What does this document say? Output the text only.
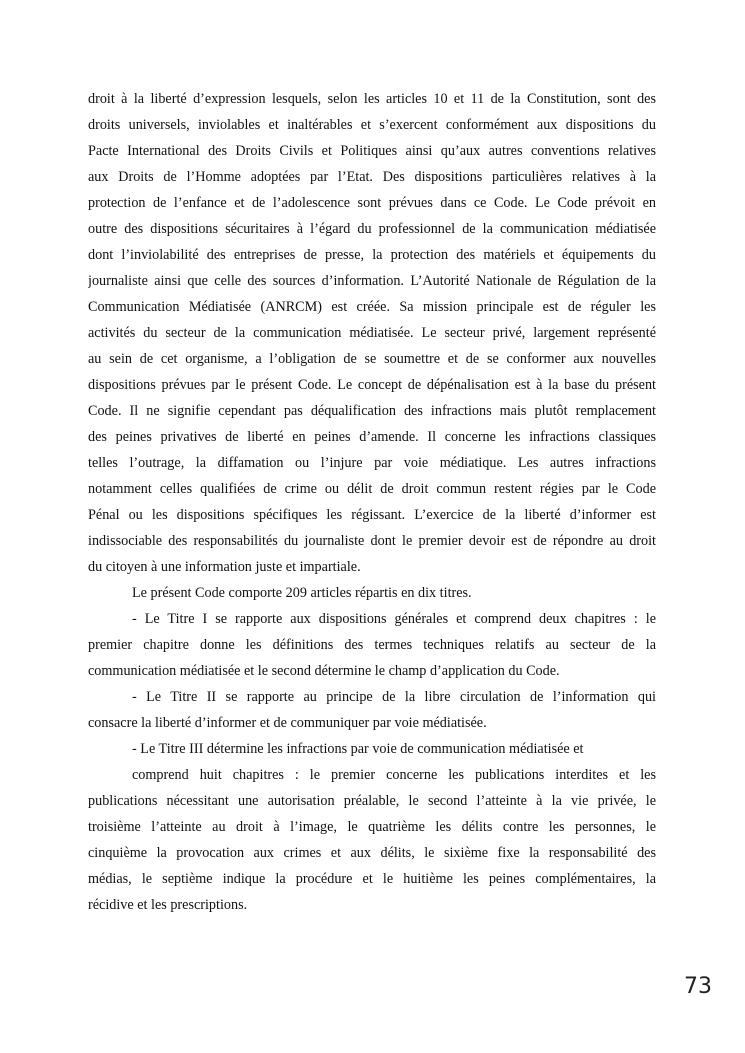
droit à la liberté d’expression lesquels, selon les articles 10 et 11 de la Constitution, sont des
droits universels, inviolables et inaltérables et s’exercent conformément aux dispositions du
Pacte International des Droits Civils et Politiques ainsi qu’aux autres conventions relatives
aux Droits de l’Homme adoptées par l’Etat. Des dispositions particulières relatives à la
protection de l’enfance et de l’adolescence sont prévues dans ce Code. Le Code prévoit en
outre des dispositions sécuritaires à l’égard du professionnel de la communication médiatisée
dont l’inviolabilité des entreprises de presse, la protection des matériels et équipements du
journaliste ainsi que celle des sources d’information. L’Autorité Nationale de Régulation de la
Communication Médiatisée (ANRCM) est créée. Sa mission principale est de réguler les
activités du secteur de la communication médiatisée. Le secteur privé, largement représenté
au sein de cet organisme, a l’obligation de se soumettre et de se conformer aux nouvelles
dispositions prévues par le présent Code. Le concept de dépénalisation est à la base du présent
Code. Il ne signifie cependant pas déqualification des infractions mais plutôt remplacement
des peines privatives de liberté en peines d’amende. Il concerne les infractions classiques
telles l’outrage, la diffamation ou l’injure par voie médiatique. Les autres infractions
notamment celles qualifiées de crime ou délit de droit commun restent régies par le Code
Pénal ou les dispositions spécifiques les régissant. L’exercice de la liberté d’informer est
indissociable des responsabilités du journaliste dont le premier devoir est de répondre au droit
du citoyen à une information juste et impartiale.
Le présent Code comporte 209 articles répartis en dix titres.
- Le Titre I se rapporte aux dispositions générales et comprend deux chapitres : le
premier chapitre donne les définitions des termes techniques relatifs au secteur de la
communication médiatisée et le second détermine le champ d’application du Code.
- Le Titre II se rapporte au principe de la libre circulation de l’information qui
consacre la liberté d’informer et de communiquer par voie médiatisée.
- Le Titre III détermine les infractions par voie de communication médiatisée et
comprend huit chapitres : le premier concerne les publications interdites et les
publications nécessitant une autorisation préalable, le second l’atteinte à la vie privée, le
troisième l’atteinte au droit à l’image, le quatrième les délits contre les personnes, le
cinquième la provocation aux crimes et aux délits, le sixième fixe la responsabilité des
médias, le septième indique la procédure et le huitième les peines complémentaires, la
récidive et les prescriptions.
73
